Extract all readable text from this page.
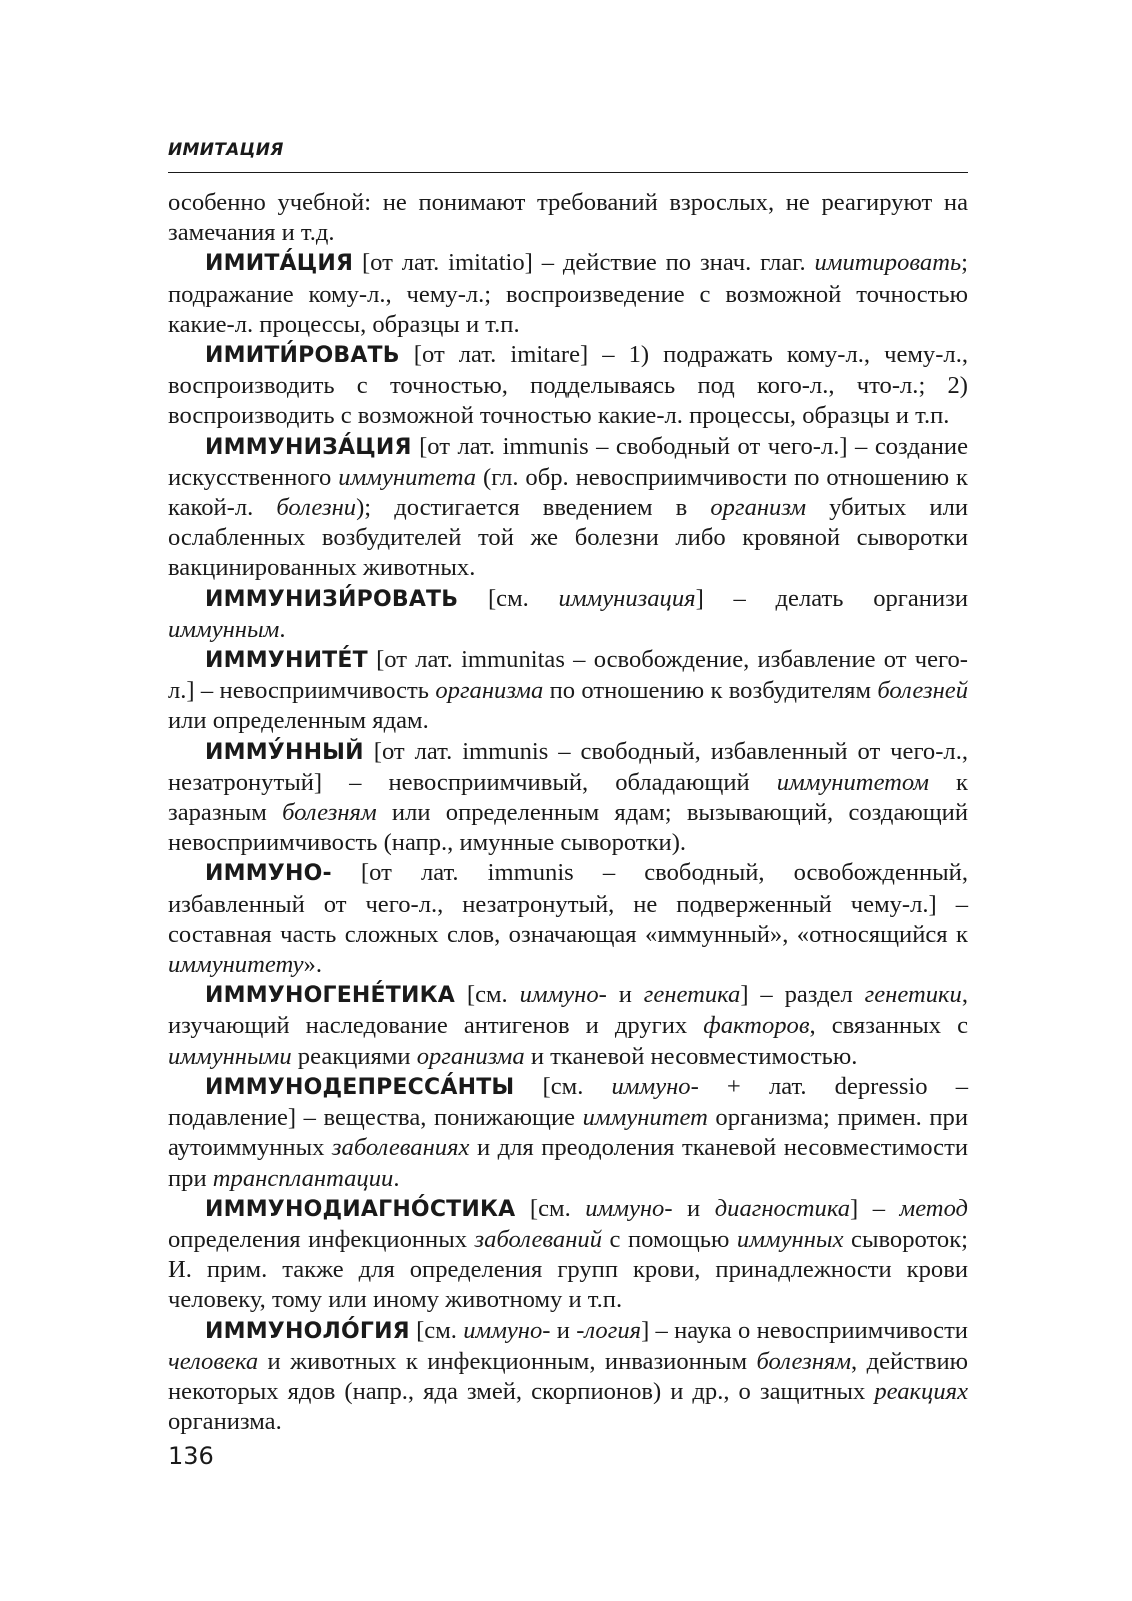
ИМИТАЦИЯ

особенно учебной: не понимают требований взрослых, не реагируют на замечания и т.д.

ИМИТА́ЦИЯ [от лат. imitatio] – действие по знач. глаг. имитировать; подражание кому-л., чему-л.; воспроизведение с возможной точностью какие-л. процессы, образцы и т.п.

ИМИТИ́РОВАТЬ [от лат. imitare] – 1) подражать кому-л., чему-л., воспроизводить с точностью, подделываясь под кого-л., что-л.; 2) воспроизводить с возможной точностью какие-л. процессы, образцы и т.п.

ИММУНИЗА́ЦИЯ [от лат. immunis – свободный от чего-л.] – создание искусственного иммунитета (гл. обр. невосприимчивости по отношению к какой-л. болезни); достигается введением в организм убитых или ослабленных возбудителей той же болезни либо кровяной сыворотки вакцинированных животных.

ИММУНИЗИ́РОВАТЬ [см. иммунизация] – делать организи иммунным.

ИММУНИТЕ́Т [от лат. immunitas – освобождение, избавление от чего-л.] – невосприимчивость организма по отношению к возбудителям болезней или определенным ядам.

ИММУ́ННЫЙ [от лат. immunis – свободный, избавленный от чего-л., незатронутый] – невосприимчивый, обладающий иммунитетом к заразным болезням или определенным ядам; вызывающий, создающий невосприимчивость (напр., имунные сыворотки).

ИММУНО- [от лат. immunis – свободный, освобожденный, избавленный от чего-л., незатронутый, не подверженный чему-л.] – составная часть сложных слов, означающая «иммунный», «относящийся к иммунитету».

ИММУНОГЕНЕ́ТИКА [см. иммуно- и генетика] – раздел генетики, изучающий наследование антигенов и других факторов, связанных с иммунными реакциями организма и тканевой несовместимостью.

ИММУНОДЕПРЕССА́НТЫ [см. иммуно- + лат. depressio – подавление] – вещества, понижающие иммунитет организма; примен. при аутоиммунных заболеваниях и для преодоления тканевой несовместимости при трансплантации.

ИММУНОДИАГНО́СТИКА [см. иммуно- и диагностика] – метод определения инфекционных заболеваний с помощью иммунных сывороток; И. прим. также для определения групп крови, принадлежности крови человеку, тому или иному животному и т.п.

ИММУНОЛО́ГИЯ [см. иммуно- и -логия] – наука о невосприимчивости человека и животных к инфекционным, инвазионным болезням, действию некоторых ядов (напр., яда змей, скорпионов) и др., о защитных реакциях организма.

136
